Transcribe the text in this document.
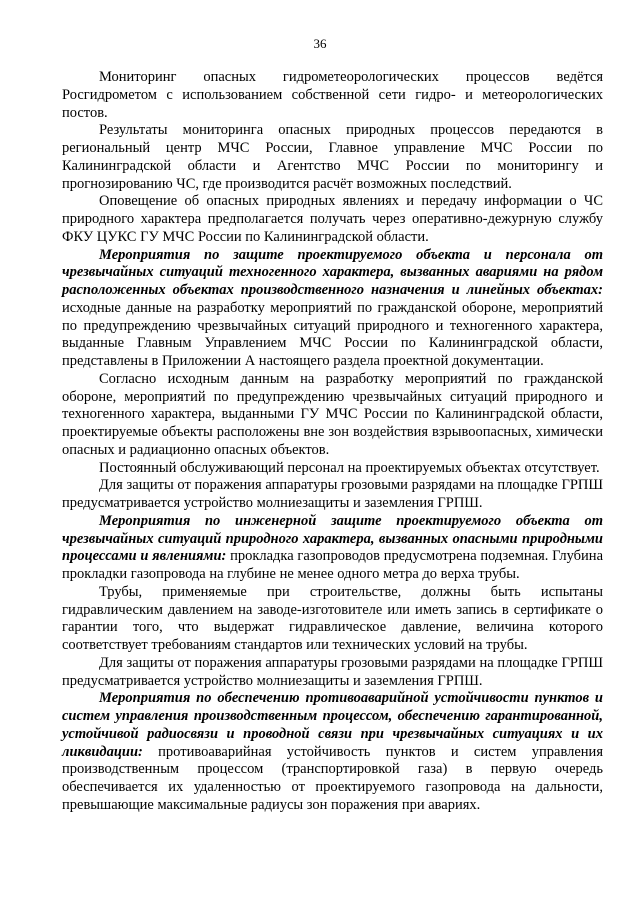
36

Мониторинг опасных гидрометеорологических процессов ведётся Росгидрометом с использованием собственной сети гидро- и метеорологических постов.

Результаты мониторинга опасных природных процессов передаются в региональный центр МЧС России, Главное управление МЧС России по Калининградской области и Агентство МЧС России по мониторингу и прогнозированию ЧС, где производится расчёт возможных последствий.

Оповещение об опасных природных явлениях и передачу информации о ЧС природного характера предполагается получать через оперативно-дежурную службу ФКУ ЦУКС ГУ МЧС России по Калининградской области.

Мероприятия по защите проектируемого объекта и персонала от чрезвычайных ситуаций техногенного характера, вызванных авариями на рядом расположенных объектах производственного назначения и линейных объектах: исходные данные на разработку мероприятий по гражданской обороне, мероприятий по предупреждению чрезвычайных ситуаций природного и техногенного характера, выданные Главным Управлением МЧС России по Калининградской области, представлены в Приложении А настоящего раздела проектной документации.

Согласно исходным данным на разработку мероприятий по гражданской обороне, мероприятий по предупреждению чрезвычайных ситуаций природного и техногенного характера, выданными ГУ МЧС России по Калининградской области, проектируемые объекты расположены вне зон воздействия взрывоопасных, химически опасных и радиационно опасных объектов.

Постоянный обслуживающий персонал на проектируемых объектах отсутствует.

Для защиты от поражения аппаратуры грозовыми разрядами на площадке ГРПШ предусматривается устройство молниезащиты и заземления ГРПШ.

Мероприятия по инженерной защите проектируемого объекта от чрезвычайных ситуаций природного характера, вызванных опасными природными процессами и явлениями: прокладка газопроводов предусмотрена подземная. Глубина прокладки газопровода на глубине не менее одного метра до верха трубы.

Трубы, применяемые при строительстве, должны быть испытаны гидравлическим давлением на заводе-изготовителе или иметь запись в сертификате о гарантии того, что выдержат гидравлическое давление, величина которого соответствует требованиям стандартов или технических условий на трубы.

Для защиты от поражения аппаратуры грозовыми разрядами на площадке ГРПШ предусматривается устройство молниезащиты и заземления ГРПШ.

Мероприятия по обеспечению противоаварийной устойчивости пунктов и систем управления производственным процессом, обеспечению гарантированной, устойчивой радиосвязи и проводной связи при чрезвычайных ситуациях и их ликвидации: противоаварийная устойчивость пунктов и систем управления производственным процессом (транспортировкой газа) в первую очередь обеспечивается их удаленностью от проектируемого газопровода на дальности, превышающие максимальные радиусы зон поражения при авариях.
